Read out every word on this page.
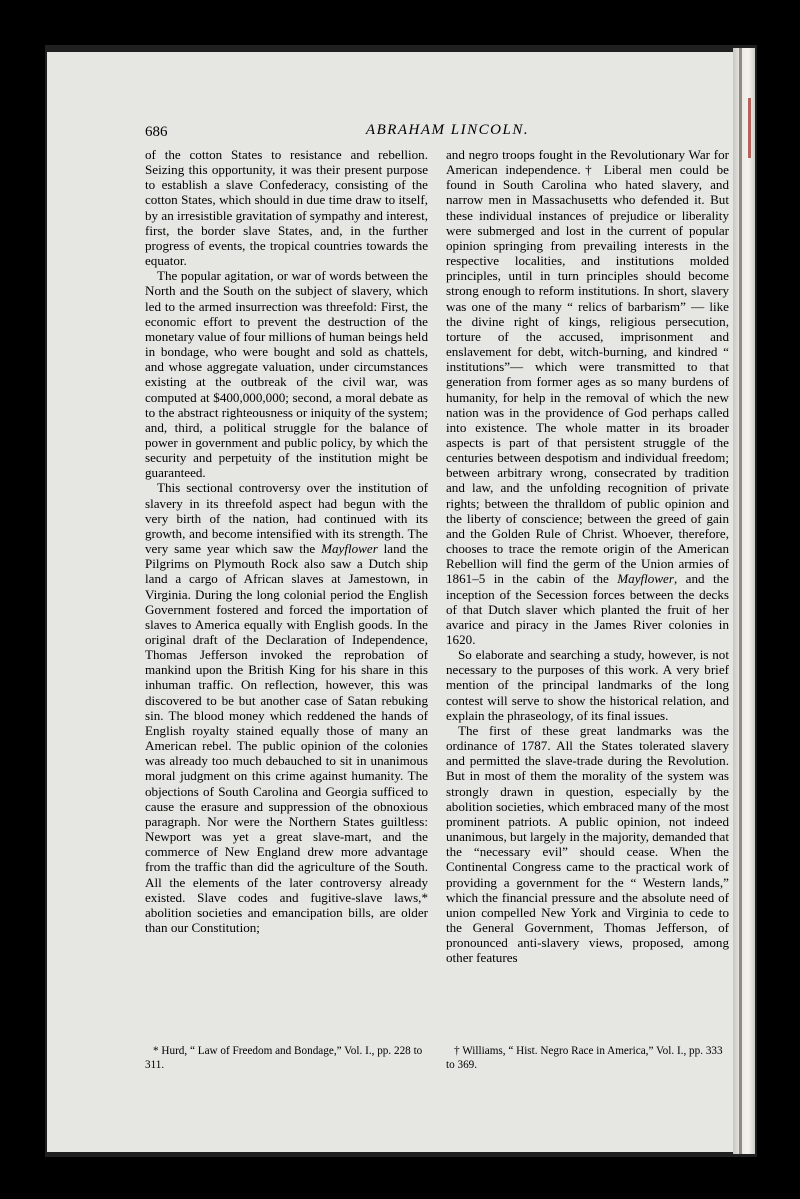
686	ABRAHAM LINCOLN.

of the cotton States to resistance and rebellion. Seizing this opportunity, it was their present purpose to establish a slave Confederacy, consisting of the cotton States, which should in due time draw to itself, by an irresistible gravitation of sympathy and interest, first, the border slave States, and, in the further progress of events, the tropical countries towards the equator.

The popular agitation, or war of words between the North and the South on the subject of slavery, which led to the armed insurrection was threefold: First, the economic effort to prevent the destruction of the monetary value of four millions of human beings held in bondage, who were bought and sold as chattels, and whose aggregate valuation, under circumstances existing at the outbreak of the civil war, was computed at $400,000,000; second, a moral debate as to the abstract righteousness or iniquity of the system; and, third, a political struggle for the balance of power in government and public policy, by which the security and perpetuity of the institution might be guaranteed.

This sectional controversy over the institution of slavery in its threefold aspect had begun with the very birth of the nation, had continued with its growth, and become intensified with its strength. The very same year which saw the Mayflower land the Pilgrims on Plymouth Rock also saw a Dutch ship land a cargo of African slaves at Jamestown, in Virginia. During the long colonial period the English Government fostered and forced the importation of slaves to America equally with English goods. In the original draft of the Declaration of Independence, Thomas Jefferson invoked the reprobation of mankind upon the British King for his share in this inhuman traffic. On reflection, however, this was discovered to be but another case of Satan rebuking sin. The blood money which reddened the hands of English royalty stained equally those of many an American rebel. The public opinion of the colonies was already too much debauched to sit in unanimous moral judgment on this crime against humanity. The objections of South Carolina and Georgia sufficed to cause the erasure and suppression of the obnoxious paragraph. Nor were the Northern States guiltless: Newport was yet a great slave-mart, and the commerce of New England drew more advantage from the traffic than did the agriculture of the South. All the elements of the later controversy already existed. Slave codes and fugitive-slave laws,* abolition societies and emancipation bills, are older than our Constitution;

and negro troops fought in the Revolutionary War for American independence.† Liberal men could be found in South Carolina who hated slavery, and narrow men in Massachusetts who defended it. But these individual instances of prejudice or liberality were submerged and lost in the current of popular opinion springing from prevailing interests in the respective localities, and institutions molded principles, until in turn principles should become strong enough to reform institutions. In short, slavery was one of the many “ relics of barbarism” — like the divine right of kings, religious persecution, torture of the accused, imprisonment and enslavement for debt, witch-burning, and kindred “ institutions”— which were transmitted to that generation from former ages as so many burdens of humanity, for help in the removal of which the new nation was in the providence of God perhaps called into existence. The whole matter in its broader aspects is part of that persistent struggle of the centuries between despotism and individual freedom; between arbitrary wrong, consecrated by tradition and law, and the unfolding recognition of private rights; between the thralldom of public opinion and the liberty of conscience; between the greed of gain and the Golden Rule of Christ. Whoever, therefore, chooses to trace the remote origin of the American Rebellion will find the germ of the Union armies of 1861–5 in the cabin of the Mayflower, and the inception of the Secession forces between the decks of that Dutch slaver which planted the fruit of her avarice and piracy in the James River colonies in 1620.

So elaborate and searching a study, however, is not necessary to the purposes of this work. A very brief mention of the principal landmarks of the long contest will serve to show the historical relation, and explain the phraseology, of its final issues.

The first of these great landmarks was the ordinance of 1787. All the States tolerated slavery and permitted the slave-trade during the Revolution. But in most of them the morality of the system was strongly drawn in question, especially by the abolition societies, which embraced many of the most prominent patriots. A public opinion, not indeed unanimous, but largely in the majority, demanded that the “necessary evil” should cease. When the Continental Congress came to the practical work of providing a government for the “ Western lands,” which the financial pressure and the absolute need of union compelled New York and Virginia to cede to the General Government, Thomas Jefferson, of pronounced anti-slavery views, proposed, among other features

* Hurd, “ Law of Freedom and Bondage,” Vol. I., pp. 228 to 311.
† Williams, “ Hist. Negro Race in America,” Vol. I., pp. 333 to 369.
